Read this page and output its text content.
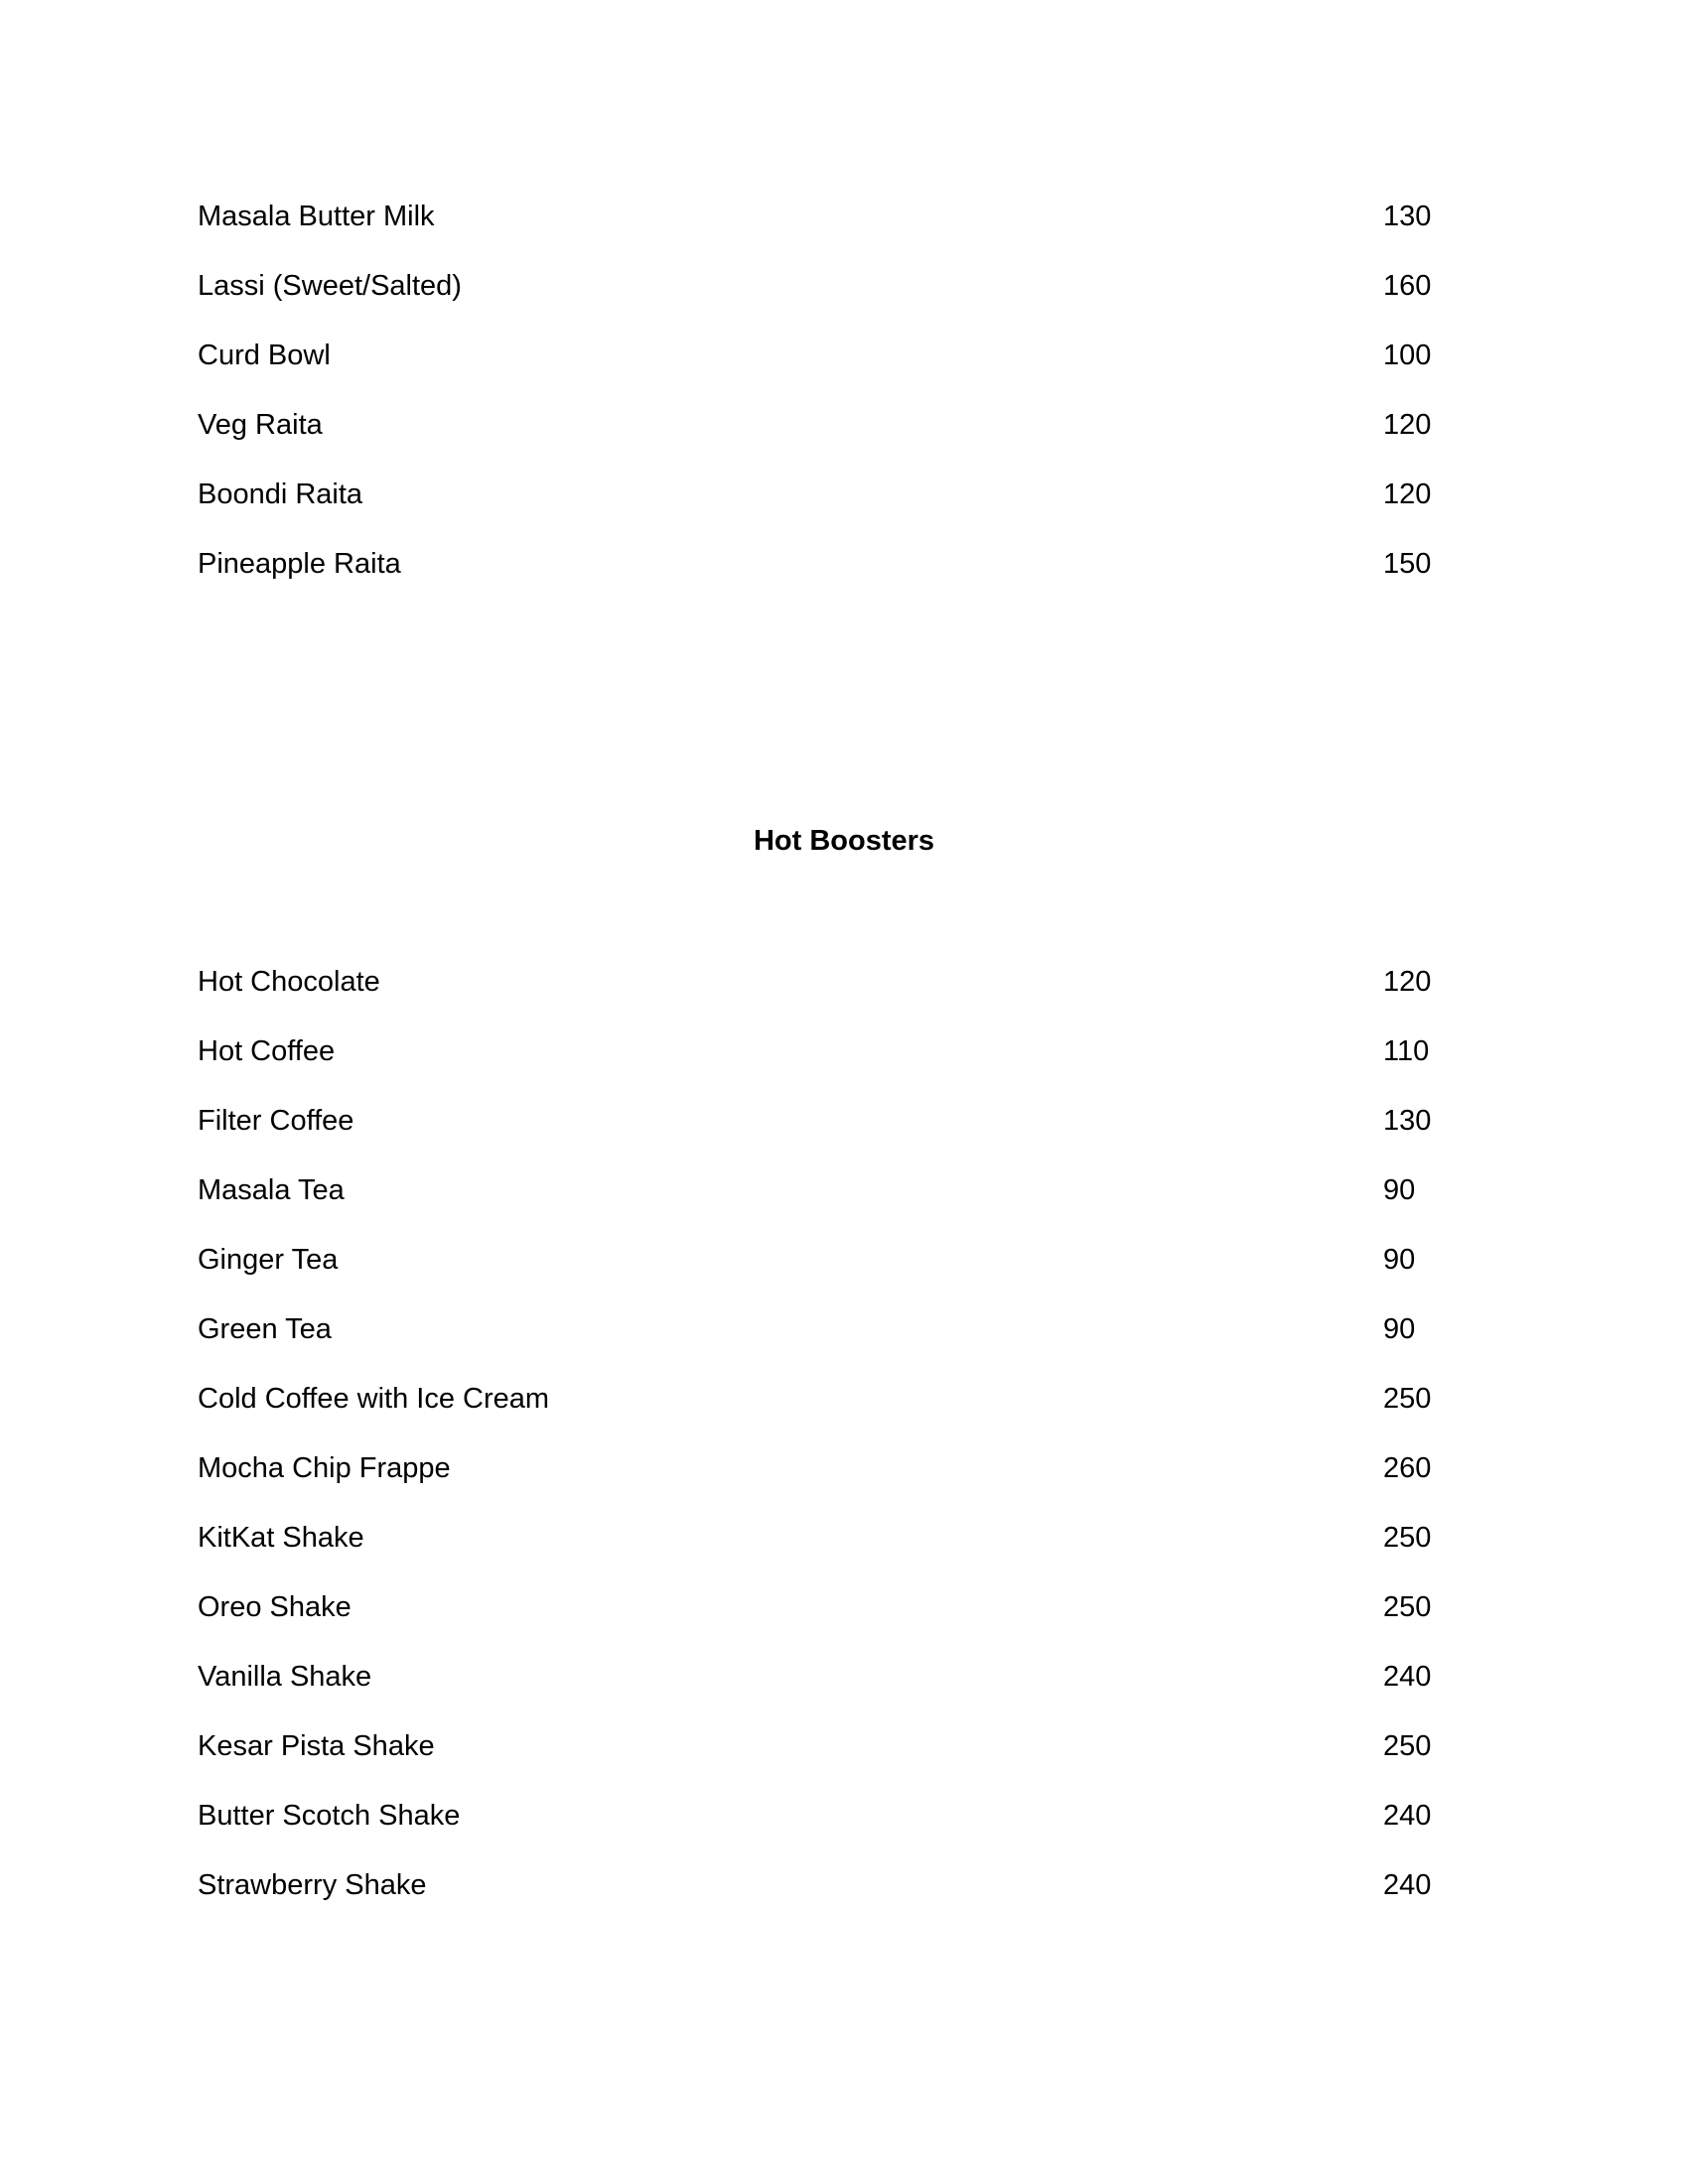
Masala Butter Milk	130
Lassi (Sweet/Salted)	160
Curd Bowl	100
Veg Raita	120
Boondi Raita	120
Pineapple Raita	150
Hot Boosters
Hot Chocolate	120
Hot Coffee	110
Filter Coffee	130
Masala Tea	90
Ginger Tea	90
Green Tea	90
Cold Coffee with Ice Cream	250
Mocha Chip Frappe	260
KitKat Shake	250
Oreo Shake	250
Vanilla Shake	240
Kesar Pista Shake	250
Butter Scotch Shake	240
Strawberry Shake	240
